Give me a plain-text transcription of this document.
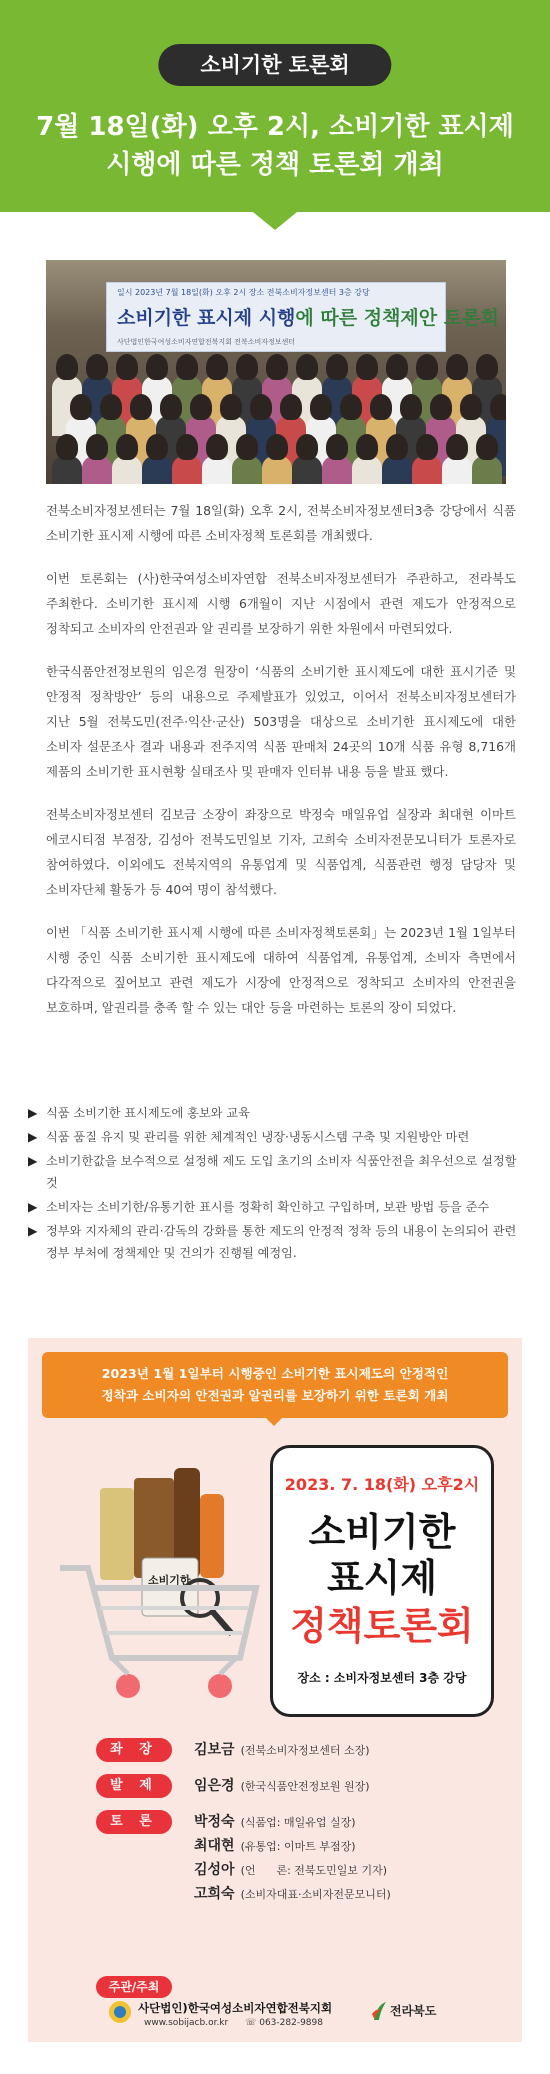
소비기한 토론회
7월 18일(화) 오후 2시, 소비기한 표시제
시행에 따른 정책 토론회 개최
일시 2023년 7월 18일(화) 오후 2시 장소 전북소비자정보센터 3층 강당
소비기한 표시제 시행에 따른 정책제안 토론회
사단법인한국여성소비자연합전북지회 전북소비자정보센터

전북소비자정보센터는 7월 18일(화) 오후 2시, 전북소비자정보센터3층 강당에서 식품 소비기한 표시제 시행에 따른 소비자정책 토론회를 개최했다.

이번 토론회는 (사)한국여성소비자연합 전북소비자정보센터가 주관하고, 전라북도 주최한다. 소비기한 표시제 시행 6개월이 지난 시점에서 관련 제도가 안정적으로 정착되고 소비자의 안전권과 알 권리를 보장하기 위한 차원에서 마련되었다.

한국식품안전정보원의 임은경 원장이 ‘식품의 소비기한 표시제도에 대한 표시기준 및 안정적 정착방안’ 등의 내용으로 주제발표가 있었고, 이어서 전북소비자정보센터가 지난 5월 전북도민(전주·익산·군산) 503명을 대상으로 소비기한 표시제도에 대한 소비자 설문조사 결과 내용과 전주지역 식품 판매처 24곳의 10개 식품 유형 8,716개 제품의 소비기한 표시현황 실태조사 및 판매자 인터뷰 내용 등을 발표 했다.

전북소비자정보센터 김보금 소장이 좌장으로 박정숙 매일유업 실장과 최대현 이마트 에코시티점 부점장, 김성아 전북도민일보 기자, 고희숙 소비자전문모니터가 토론자로 참여하였다. 이외에도 전북지역의 유통업계 및 식품업계, 식품관련 행정 담당자 및 소비자단체 활동가 등 40여 명이 참석했다.

이번 「식품 소비기한 표시제 시행에 따른 소비자정책토론회」는 2023년 1월 1일부터 시행 중인 식품 소비기한 표시제도에 대하여 식품업계, 유통업계, 소비자 측면에서 다각적으로 짚어보고 관련 제도가 시장에 안정적으로 정착되고 소비자의 안전권을 보호하며, 알권리를 충족 할 수 있는 대안 등을 마련하는 토론의 장이 되었다.

▶ 식품 소비기한 표시제도에 홍보와 교육
▶ 식품 품질 유지 및 관리를 위한 체계적인 냉장·냉동시스템 구축 및 지원방안 마련
▶ 소비기한값을 보수적으로 설정해 제도 도입 초기의 소비자 식품안전을 최우선으로 설정할 것
▶ 소비자는 소비기한/유통기한 표시를 정확히 확인하고 구입하며, 보관 방법 등을 준수
▶ 정부와 지자체의 관리·감독의 강화를 통한 제도의 안정적 정착 등의 내용이 논의되어 관련 정부 부처에 정책제안 및 건의가 진행될 예정임.
2023년 1월 1일부터 시행중인 소비기한 표시제도의 안정적인
정착과 소비자의 안전권과 알권리를 보장하기 위한 토론회 개최
소비기한
2023. 7. 18(화) 오후2시
소비기한
표시제
정책토론회
장소 : 소비자정보센터 3층 강당
좌 장	김보금 (전북소비자정보센터 소장)
발 제	임은경 (한국식품안전정보원 원장)
토 론	박정숙 (식품업: 매일유업 실장)
최대현 (유통업: 이마트 부점장)
김성아 (언      론: 전북도민일보 기자)
고희숙 (소비자대표·소비자전문모니터)
주관/주최
사단법인)한국여성소비자연합전북지회
www.sobijacb.or.kr ☏ 063-282-9898
전라북도
